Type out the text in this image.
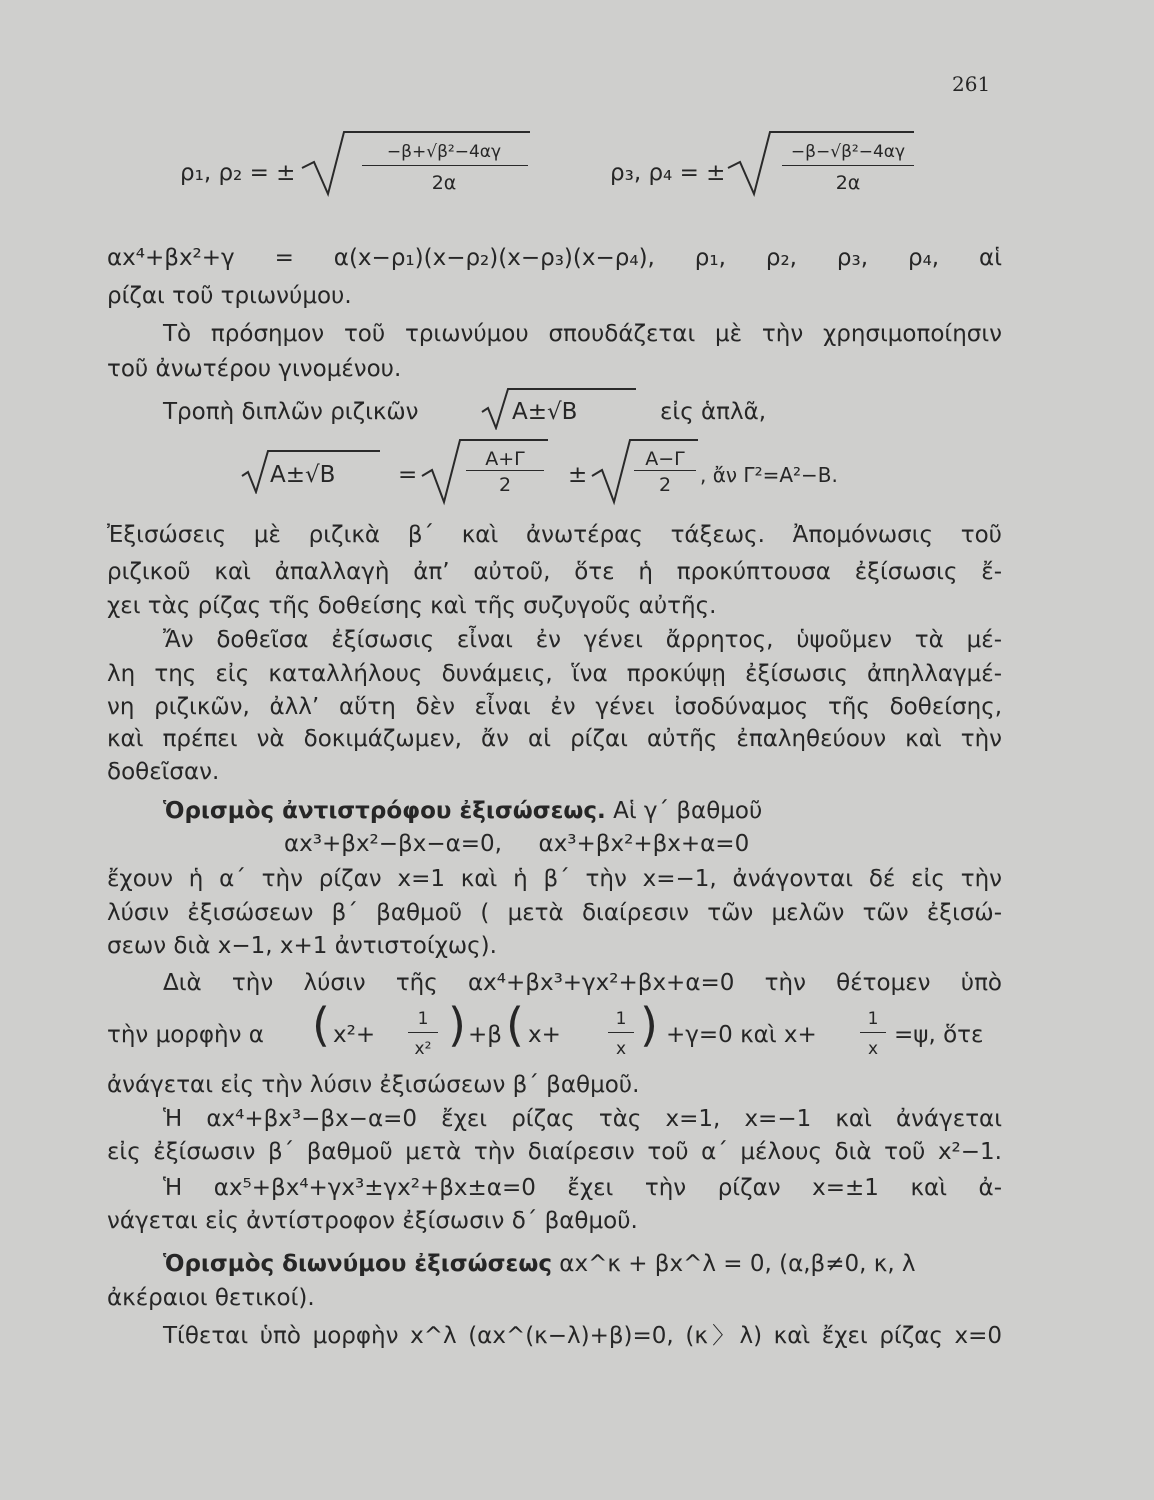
261
ρ₁, ρ₂ = ±
−β+√β²−4αγ
2α	ρ₃, ρ₄ = ±
−β−√β²−4αγ
2α
αx⁴+βx²+γ = α(x−ρ₁)(x−ρ₂)(x−ρ₃)(x−ρ₄), ρ₁, ρ₂, ρ₃, ρ₄, αἱ
ρίζαι τοῦ τριωνύμου.
Τὸ πρόσημον τοῦ τριωνύμου σπουδάζεται μὲ τὴν χρησιμοποίησιν
τοῦ ἀνωτέρου γινομένου.
Τροπὴ διπλῶν ριζικῶν	A±√B	εἰς ἁπλᾶ,
A±√B	=
A+Γ
2	±
A−Γ
2	, ἄν Γ²=A²−B.
Ἐξισώσεις μὲ ριζικὰ β΄ καὶ ἀνωτέρας τάξεως. Ἀπομόνωσις τοῦ
ριζικοῦ καὶ ἀπαλλαγὴ ἀπ’ αὐτοῦ, ὅτε ἡ προκύπτουσα ἐξίσωσις ἔ-
χει τὰς ρίζας τῆς δοθείσης καὶ τῆς συζυγοῦς αὐτῆς.
Ἄν δοθεῖσα ἐξίσωσις εἶναι ἐν γένει ἄρρητος, ὑψοῦμεν τὰ μέ-
λη της εἰς καταλλήλους δυνάμεις, ἵνα προκύψῃ ἐξίσωσις ἀπηλλαγμέ-
νη ριζικῶν, ἀλλ’ αὕτη δὲν εἶναι ἐν γένει ἰσοδύναμος τῆς δοθείσης,
καὶ πρέπει νὰ δοκιμάζωμεν, ἄν αἱ ρίζαι αὐτῆς ἐπαληθεύουν καὶ τὴν
δοθεῖσαν.
Ὁρισμὸς ἀντιστρόφου ἐξισώσεως. Αἱ γ΄ βαθμοῦ
αx³+βx²−βx−α=0,     αx³+βx²+βx+α=0
ἔχουν ἡ α΄ τὴν ρίζαν x=1 καὶ ἡ β΄ τὴν x=−1, ἀνάγονται δέ εἰς τὴν
λύσιν ἐξισώσεων β΄ βαθμοῦ ( μετὰ διαίρεσιν τῶν μελῶν τῶν ἐξισώ-
σεων διὰ x−1, x+1 ἀντιστοίχως).
Διὰ τὴν λύσιν τῆς αx⁴+βx³+γx²+βx+α=0 τὴν θέτομεν ὑπὸ
τὴν μορφὴν α ( x²+
1
x² ) +β ( x+
1
x ) +γ=0 καὶ x+
1
x
=ψ, ὅτε
ἀνάγεται εἰς τὴν λύσιν ἐξισώσεων β΄ βαθμοῦ.
Ἡ αx⁴+βx³−βx−α=0 ἔχει ρίζας τὰς x=1, x=−1 καὶ ἀνάγεται
εἰς ἐξίσωσιν β΄ βαθμοῦ μετὰ τὴν διαίρεσιν τοῦ α΄ μέλους διὰ τοῦ x²−1.
Ἡ αx⁵+βx⁴+γx³±γx²+βx±α=0 ἔχει τὴν ρίζαν x=±1 καὶ ἀ-
νάγεται εἰς ἀντίστροφον ἐξίσωσιν δ΄ βαθμοῦ.
Ὁρισμὸς διωνύμου ἐξισώσεως αx^κ + βx^λ = 0, (α,β≠0, κ, λ
ἀκέραιοι θετικοί).
Τίθεται ὑπὸ μορφὴν x^λ (αx^(κ−λ)+β)=0, (κ〉λ) καὶ ἔχει ρίζας x=0
